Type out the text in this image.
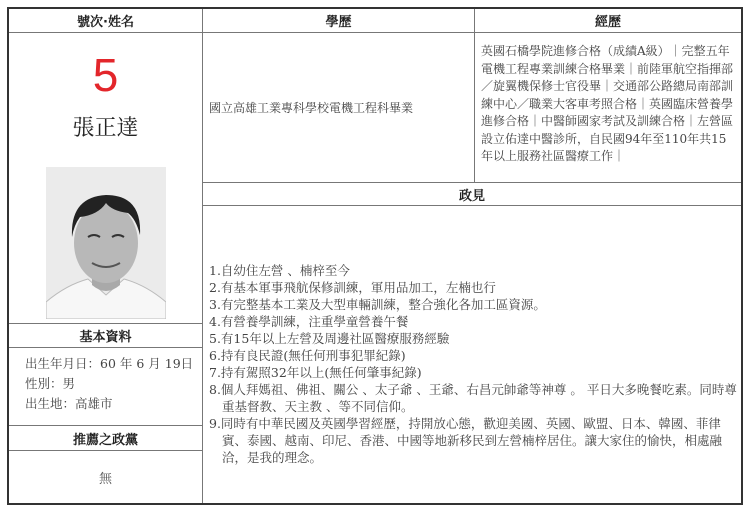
號次·姓名	學歷	經歷
5
張正達
國立高雄工業專科學校電機工程科畢業
英國石橋學院進修合格（成績A級）｜完整五年電機工程專業訓練合格畢業｜前陸軍航空指揮部／旋翼機保修士官役畢｜交通部公路總局南部訓練中心／職業大客車考照合格｜英國臨床營養學進修合格｜中醫師國家考試及訓練合格｜左營區設立佑達中醫診所，自民國94年至110年共15年以上服務社區醫療工作｜
政見
1.自幼住左營 、楠梓至今
2.有基本軍事飛航保修訓練，軍用品加工，左楠也行
3.有完整基本工業及大型車輛訓練，整合強化各加工區資源。
4.有營養學訓練，注重學童營養午餐
5.有15年以上左營及周邊社區醫療服務經驗
6.持有良民證(無任何刑事犯罪紀錄)
7.持有駕照32年以上(無任何肇事紀錄)
8.個人拜媽祖、佛祖、關公 、太子爺 、王爺、右昌元帥爺等神尊 。 平日大多晚餐吃素。同時尊重基督教、天主教 、等不同信仰。
9.同時有中華民國及英國學習經歷，持開放心態，歡迎美國、英國、歐盟、日本、韓國、菲律賓、泰國、越南、印尼、香港、中國等地新移民到左營楠梓居住。讓大家住的愉快，相處融洽，是我的理念。
基本資料
出生年月日：60 年 6 月 19日
性別：男
出生地：高雄市
推薦之政黨
無
